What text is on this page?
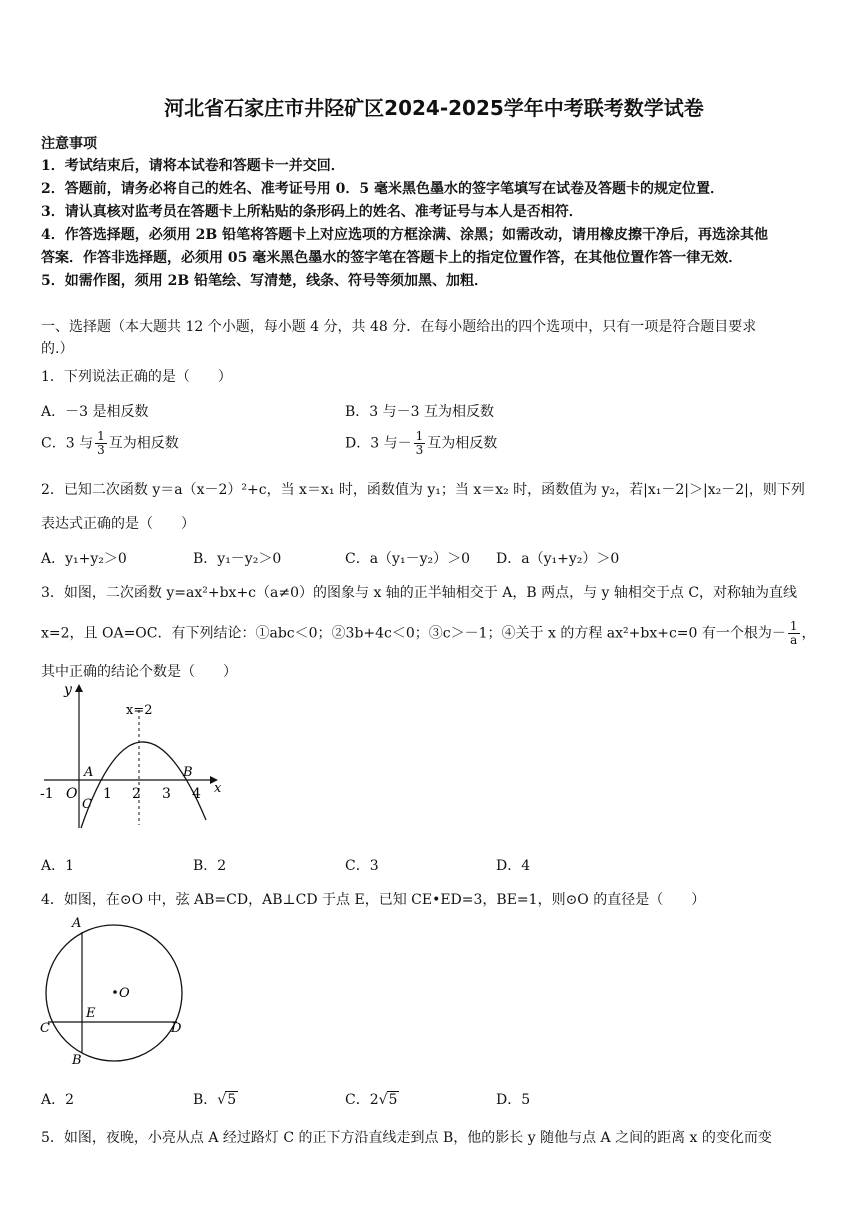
河北省石家庄市井陉矿区2024-2025学年中考联考数学试卷
注意事项
1．考试结束后，请将本试卷和答题卡一并交回．
2．答题前，请务必将自己的姓名、准考证号用 0．5 毫米黑色墨水的签字笔填写在试卷及答题卡的规定位置．
3．请认真核对监考员在答题卡上所粘贴的条形码上的姓名、准考证号与本人是否相符．
4．作答选择题，必须用 2B 铅笔将答题卡上对应选项的方框涂满、涂黑；如需改动，请用橡皮擦干净后，再选涂其他
答案．作答非选择题，必须用 05 毫米黑色墨水的签字笔在答题卡上的指定位置作答，在其他位置作答一律无效．
5．如需作图，须用 2B 铅笔绘、写清楚，线条、符号等须加黑、加粗．
一、选择题（本大题共 12 个小题，每小题 4 分，共 48 分．在每小题给出的四个选项中，只有一项是符合题目要求
的.）
1．下列说法正确的是（　　）
A．－3 是相反数	B．3 与－3 互为相反数
C．3 与 $\frac{1}{3}$ 互为相反数	D．3 与－ $\frac{1}{3}$ 互为相反数
2．已知二次函数 y＝a（x－2）²+c，当 x＝x₁ 时，函数值为 y₁；当 x＝x₂ 时，函数值为 y₂，若|x₁－2|＞|x₂－2|，则下列
表达式正确的是（　　）
A．y₁+y₂＞0	B．y₁－y₂＞0	C．a（y₁－y₂）＞0 D．a（y₁+y₂）＞0
3．如图，二次函数 y=ax²+bx+c（a≠0）的图象与 x 轴的正半轴相交于 A，B 两点，与 y 轴相交于点 C，对称轴为直线
x=2，且 OA=OC．有下列结论：①abc＜0；②3b+4c＜0；③c＞－1；④关于 x 的方程 ax²+bx+c=0 有一个根为－ $\frac{1}{a}$ ，
其中正确的结论个数是（　　）
y
x
x=2
-1 O 1 2 3 4
A	B
C
A．1	B．2	C．3	D．4
4．如图，在⊙O 中，弦 AB=CD，AB⊥CD 于点 E，已知 CE•ED=3，BE=1，则⊙O 的直径是（　　）
A
B
C	D
E
O
A．2	B．√5	C．2√5	D．5
5．如图，夜晚，小亮从点 A 经过路灯 C 的正下方沿直线走到点 B，他的影长 y 随他与点 A 之间的距离 x 的变化而变
